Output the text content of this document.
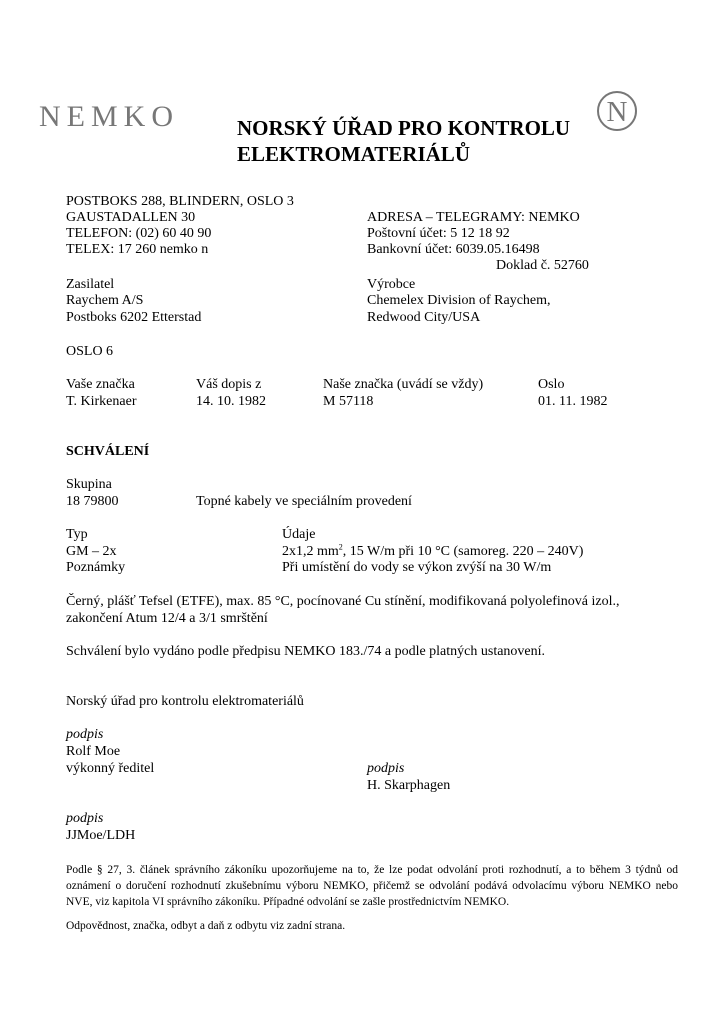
NEMKO	N
NORSKÝ ÚŘAD PRO KONTROLU
ELEKTROMATERIÁLŮ
POSTBOKS 288, BLINDERN, OSLO 3
GAUSTADALLEN 30
TELEFON: (02) 60 40 90
TELEX: 17 260 nemko n
ADRESA – TELEGRAMY: NEMKO
Poštovní účet: 5 12 18 92
Bankovní účet: 6039.05.16498
Doklad č. 52760
Zasilatel
Raychem A/S
Postboks 6202 Etterstad
OSLO 6
Výrobce
Chemelex Division of Raychem,
Redwood City/USA
Vaše značka	Váš dopis z	Naše značka (uvádí se vždy)	Oslo
T. Kirkenaer	14. 10. 1982	M 57118	01. 11. 1982
SCHVÁLENÍ
Skupina
18 79800	Topné kabely ve speciálním provedení
Typ	Údaje
GM – 2x	2x1,2 $mm^2$, 15 W/m při 10 °C (samoreg. 220 – 240V)
Poznámky	Při umístění do vody se výkon zvýší na 30 W/m
Černý, plášť Tefsel (ETFE), max. 85 °C, pocínované Cu stínění, modifikovaná polyolefinová izol.,
zakončení Atum 12/4 a 3/1 smrštění
Schválení bylo vydáno podle předpisu NEMKO 183./74 a podle platných ustanovení.
Norský úřad pro kontrolu elektromateriálů
podpis
Rolf Moe
výkonný ředitel	podpis
H. Skarphagen
podpis
JJMoe/LDH
Podle § 27, 3. článek správního zákoníku upozorňujeme na to, že lze podat odvolání proti rozhodnutí, a to během 3 týdnů od oznámení o doručení rozhodnutí zkušebnímu výboru NEMKO, přičemž se odvolání podává odvolacímu výboru NEMKO nebo NVE, viz kapitola VI správního zákoníku. Případné odvolání se zašle prostřednictvím NEMKO.
Odpovědnost, značka, odbyt a daň z odbytu viz zadní strana.
